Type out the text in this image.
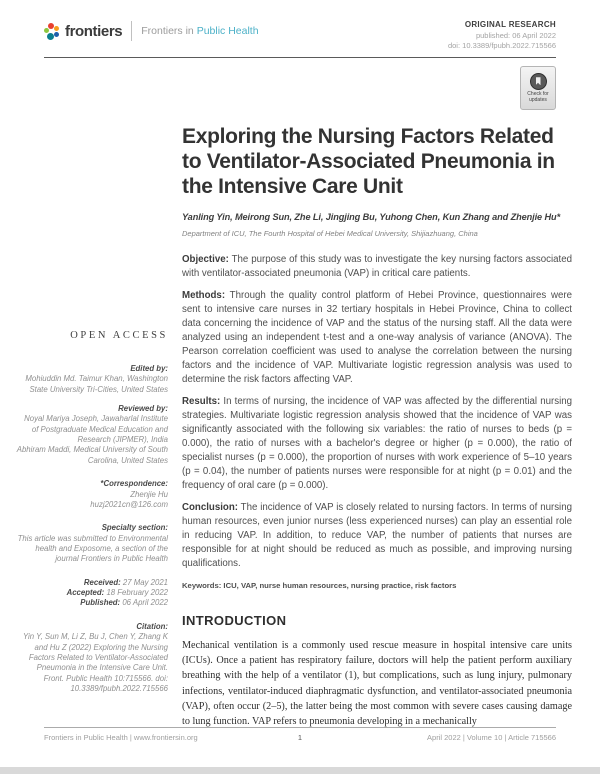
frontiers Frontiers in Public Health
ORIGINAL RESEARCH
published: 06 April 2022
doi: 10.3389/fpubh.2022.715566
Check for updates
OPEN ACCESS
Edited by:
Mohiuddin Md. Taimur Khan, Washington State University Tri-Cities, United States
Reviewed by:
Noyal Mariya Joseph, Jawaharlal Institute of Postgraduate Medical Education and Research (JIPMER), India
Abhiram Maddi, Medical University of South Carolina, United States
*Correspondence:
Zhenjie Hu
huzj2021cn@126.com
Specialty section:
This article was submitted to Environmental health and Exposome, a section of the journal Frontiers in Public Health
Received: 27 May 2021
Accepted: 18 February 2022
Published: 06 April 2022
Citation:
Yin Y, Sun M, Li Z, Bu J, Chen Y, Zhang K and Hu Z (2022) Exploring the Nursing Factors Related to Ventilator-Associated Pneumonia in the Intensive Care Unit. Front. Public Health 10:715566. doi: 10.3389/fpubh.2022.715566
Exploring the Nursing Factors Related to Ventilator-Associated Pneumonia in the Intensive Care Unit
Yanling Yin, Meirong Sun, Zhe Li, Jingjing Bu, Yuhong Chen, Kun Zhang and Zhenjie Hu*
Department of ICU, The Fourth Hospital of Hebei Medical University, Shijiazhuang, China

Objective: The purpose of this study was to investigate the key nursing factors associated with ventilator-associated pneumonia (VAP) in critical care patients.

Methods: Through the quality control platform of Hebei Province, questionnaires were sent to intensive care nurses in 32 tertiary hospitals in Hebei Province, China to collect data concerning the incidence of VAP and the status of the nursing staff. All the data were analyzed using an independent t-test and a one-way analysis of variance (ANOVA). The Pearson correlation coefficient was used to analyse the correlation between the nursing factors and the incidence of VAP. Multivariate logistic regression analysis was used to determine the risk factors affecting VAP.

Results: In terms of nursing, the incidence of VAP was affected by the differential nursing strategies. Multivariate logistic regression analysis showed that the incidence of VAP was significantly associated with the following six variables: the ratio of nurses to beds (p = 0.000), the ratio of nurses with a bachelor's degree or higher (p = 0.000), the ratio of specialist nurses (p = 0.000), the proportion of nurses with work experience of 5–10 years (p = 0.04), the number of patients nurses were responsible for at night (p = 0.01) and the frequency of oral care (p = 0.000).

Conclusion: The incidence of VAP is closely related to nursing factors. In terms of nursing human resources, even junior nurses (less experienced nurses) can play an essential role in reducing VAP. In addition, to reduce VAP, the number of patients that nurses are responsible for at night should be reduced as much as possible, and improving nursing qualifications.

Keywords: ICU, VAP, nurse human resources, nursing practice, risk factors
INTRODUCTION

Mechanical ventilation is a commonly used rescue measure in hospital intensive care units (ICUs). Once a patient has respiratory failure, doctors will help the patient perform auxiliary breathing with the help of a ventilator (1), but complications, such as lung injury, pulmonary infections, ventilator-induced diaphragmatic dysfunction, and ventilator-associated pneumonia (VAP), often occur (2–5), the latter being the most common with severe cases causing damage to lung function. VAP refers to pneumonia developing in a mechanically

Frontiers in Public Health | www.frontiersin.org	1	April 2022 | Volume 10 | Article 715566
